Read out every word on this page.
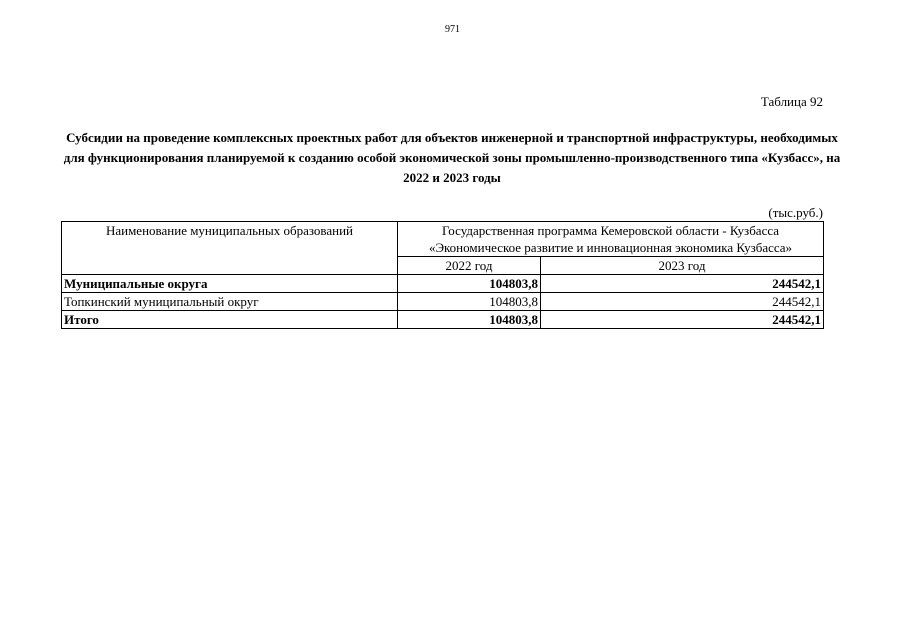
971
Таблица 92
Субсидии на проведение комплексных проектных работ для объектов инженерной и транспортной инфраструктуры, необходимых для функционирования планируемой к созданию особой экономической зоны промышленно-производственного типа «Кузбасс», на 2022 и 2023 годы
(тыс.руб.)
Наименование муниципальных образований	Государственная программа Кемеровской области - Кузбасса
«Экономическое развитие и инновационная экономика Кузбасса»	

	2022 год	2023 год
Муниципальные округа	104803,8	244542,1
Топкинский муниципальный округ	104803,8	244542,1
Итого	104803,8	244542,1
